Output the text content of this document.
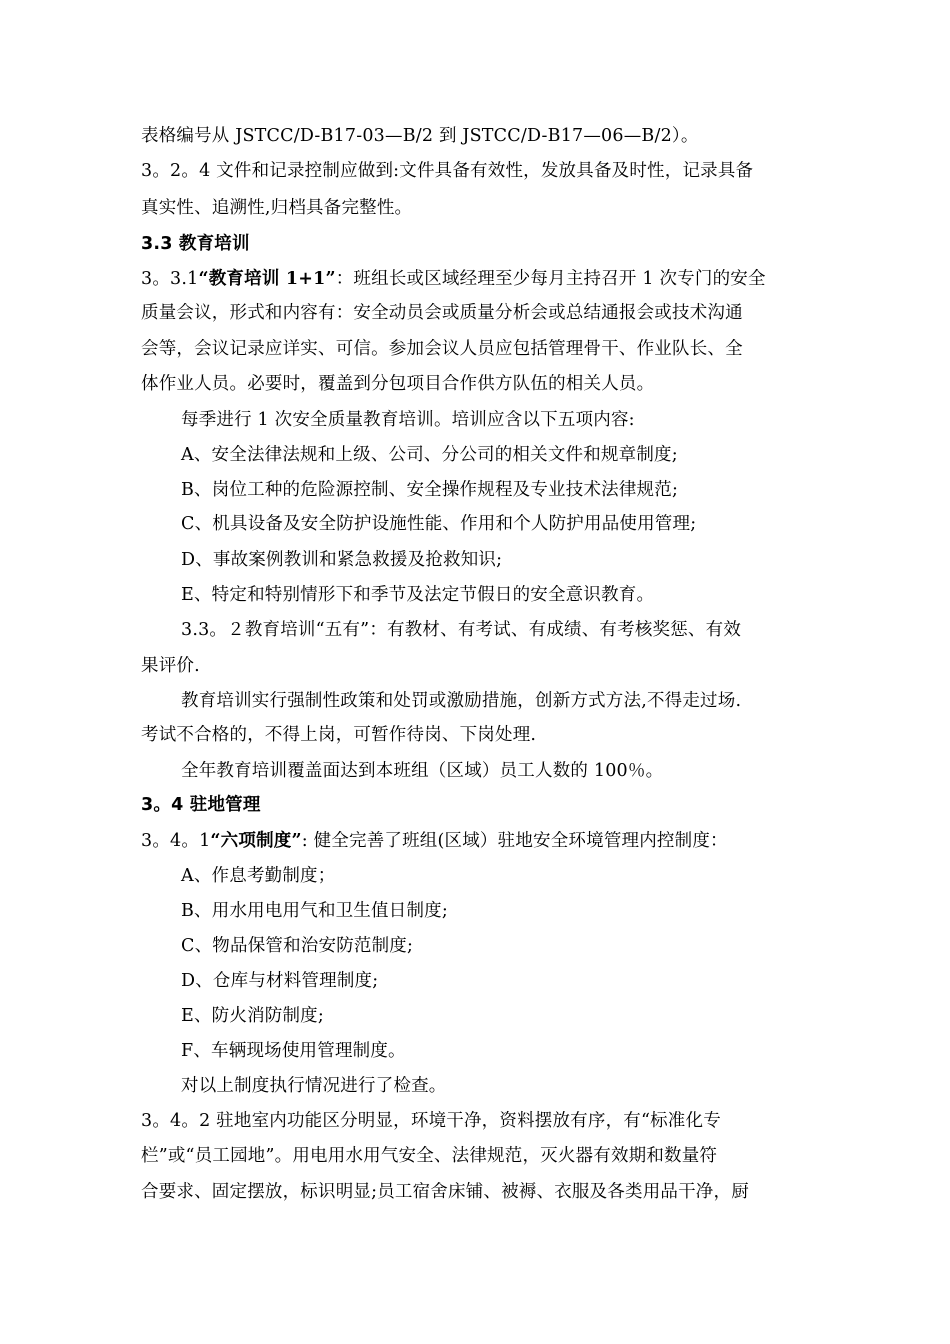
表格编号从 JSTCC/D-B17-03—B/2 到 JSTCC/D-B17—06—B/2）。
3。2。4 文件和记录控制应做到:文件具备有效性，发放具备及时性，记录具备
真实性、追溯性,归档具备完整性。
3.3 教育培训
3。3.1“教育培训 1+1”：班组长或区域经理至少每月主持召开 1 次专门的安全
质量会议，形式和内容有：安全动员会或质量分析会或总结通报会或技术沟通
会等，会议记录应详实、可信。参加会议人员应包括管理骨干、作业队长、全
体作业人员。必要时，覆盖到分包项目合作供方队伍的相关人员。
每季进行 1 次安全质量教育培训。培训应含以下五项内容:
A、安全法律法规和上级、公司、分公司的相关文件和规章制度;
B、岗位工种的危险源控制、安全操作规程及专业技术法律规范;
C、机具设备及安全防护设施性能、作用和个人防护用品使用管理;
D、事故案例教训和紧急救援及抢救知识;
E、特定和特别情形下和季节及法定节假日的安全意识教育。
3.3。２教育培训“五有”：有教材、有考试、有成绩、有考核奖惩、有效
果评价.
教育培训实行强制性政策和处罚或激励措施，创新方式方法,不得走过场.
考试不合格的，不得上岗，可暂作待岗、下岗处理.
全年教育培训覆盖面达到本班组（区域）员工人数的 100％。
3。4 驻地管理
3。4。1“六项制度”: 健全完善了班组(区域）驻地安全环境管理内控制度：
A、作息考勤制度；
B、用水用电用气和卫生值日制度;
C、物品保管和治安防范制度;
D、仓库与材料管理制度;
E、防火消防制度;
F、车辆现场使用管理制度。
对以上制度执行情况进行了检查。
3。4。2 驻地室内功能区分明显，环境干净，资料摆放有序，有“标准化专
栏”或“员工园地”。用电用水用气安全、法律规范，灭火器有效期和数量符
合要求、固定摆放，标识明显;员工宿舍床铺、被褥、衣服及各类用品干净，厨
